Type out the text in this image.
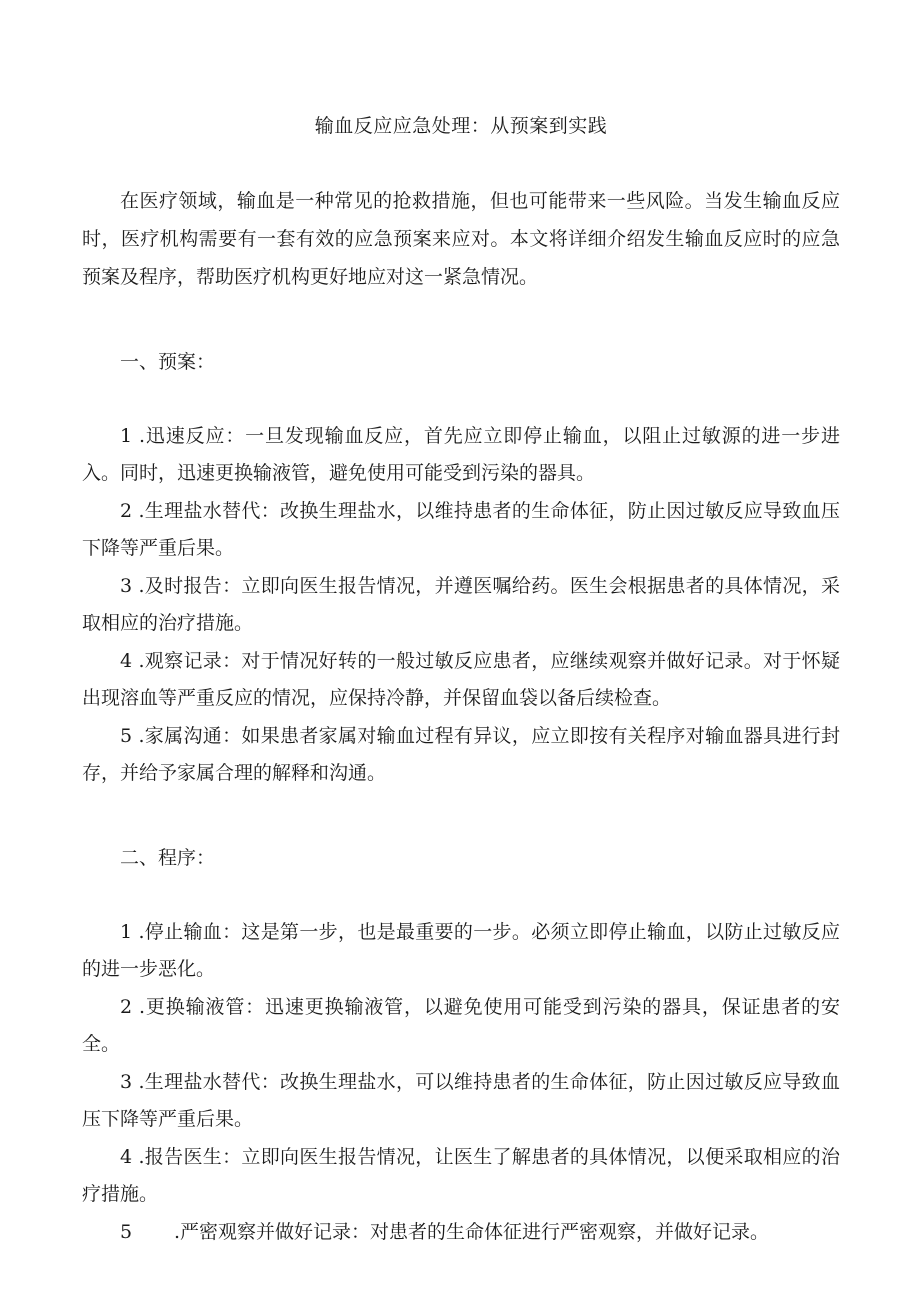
输血反应应急处理：从预案到实践

在医疗领域，输血是一种常见的抢救措施，但也可能带来一些风险。当发生输血反应时，医疗机构需要有一套有效的应急预案来应对。本文将详细介绍发生输血反应时的应急预案及程序，帮助医疗机构更好地应对这一紧急情况。

一、预案：

1 .迅速反应：一旦发现输血反应，首先应立即停止输血，以阻止过敏源的进一步进入。同时，迅速更换输液管，避免使用可能受到污染的器具。

2 .生理盐水替代：改换生理盐水，以维持患者的生命体征，防止因过敏反应导致血压下降等严重后果。

3 .及时报告：立即向医生报告情况，并遵医嘱给药。医生会根据患者的具体情况，采取相应的治疗措施。

4 .观察记录：对于情况好转的一般过敏反应患者，应继续观察并做好记录。对于怀疑出现溶血等严重反应的情况，应保持冷静，并保留血袋以备后续检查。

5 .家属沟通：如果患者家属对输血过程有异议，应立即按有关程序对输血器具进行封存，并给予家属合理的解释和沟通。

二、程序：

1 .停止输血：这是第一步，也是最重要的一步。必须立即停止输血，以防止过敏反应的进一步恶化。

2 .更换输液管：迅速更换输液管，以避免使用可能受到污染的器具，保证患者的安全。

3 .生理盐水替代：改换生理盐水，可以维持患者的生命体征，防止因过敏反应导致血压下降等严重后果。

4 .报告医生：立即向医生报告情况，让医生了解患者的具体情况，以便采取相应的治疗措施。

5 .严密观察并做好记录：对患者的生命体征进行严密观察，并做好记录。
